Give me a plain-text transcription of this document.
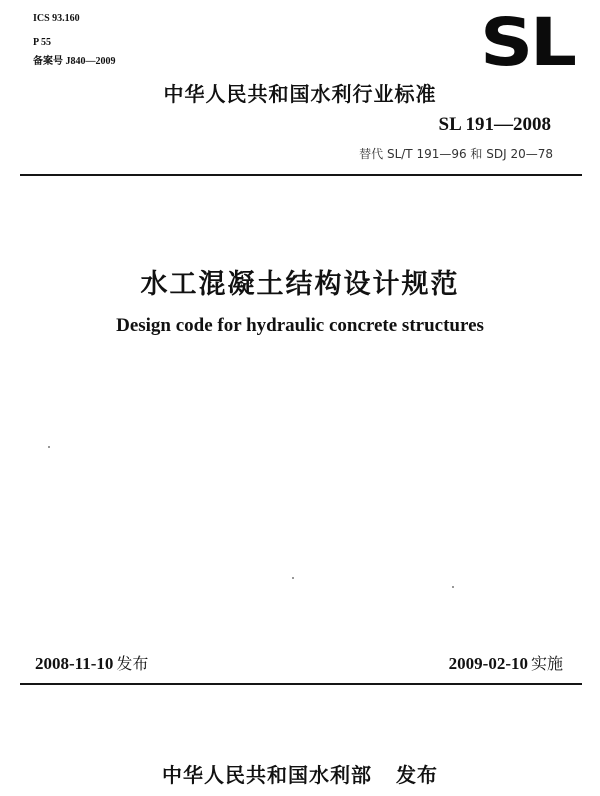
ICS 93.160
P 55
备案号 J840—2009	SL
中华人民共和国水利行业标准
SL 191—2008
替代 SL/T 191—96 和 SDJ 20—78
水工混凝土结构设计规范
Design code for hydraulic concrete structures
2008-11-10 发布	2009-02-10 实施
中华人民共和国水利部 发布
